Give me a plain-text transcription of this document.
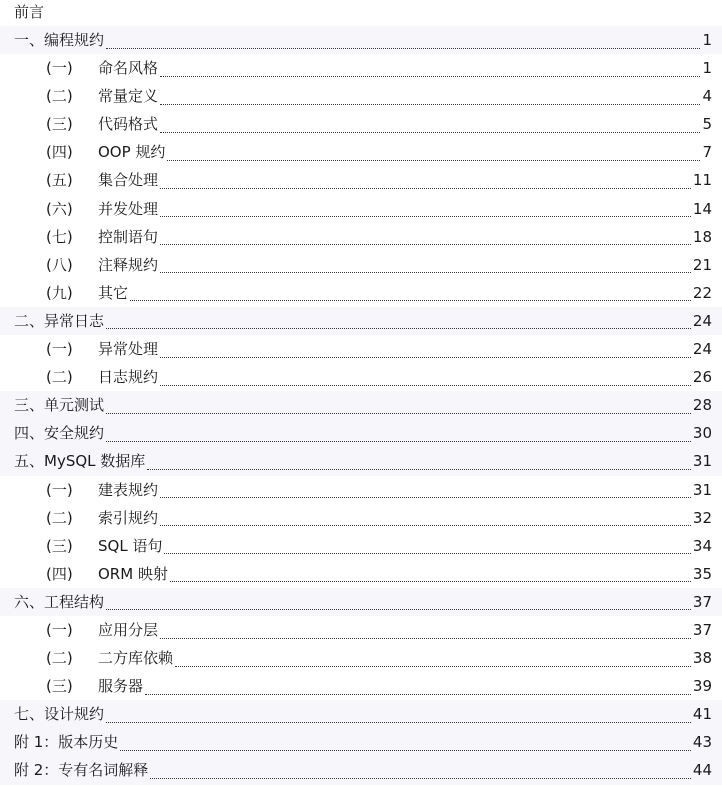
前言
一、编程规约	1
(一)	命名风格	1
(二)	常量定义	4
(三)	代码格式	5
(四)	OOP 规约	7
(五)	集合处理	11
(六)	并发处理	14
(七)	控制语句	18
(八)	注释规约	21
(九)	其它	22
二、异常日志	24
(一)	异常处理	24
(二)	日志规约	26
三、单元测试	28
四、安全规约	30
五、MySQL 数据库	31
(一)	建表规约	31
(二)	索引规约	32
(三)	SQL 语句	34
(四)	ORM 映射	35
六、工程结构	37
(一)	应用分层	37
(二)	二方库依赖	38
(三)	服务器	39
七、设计规约	41
附 1：版本历史	43
附 2：专有名词解释	44
